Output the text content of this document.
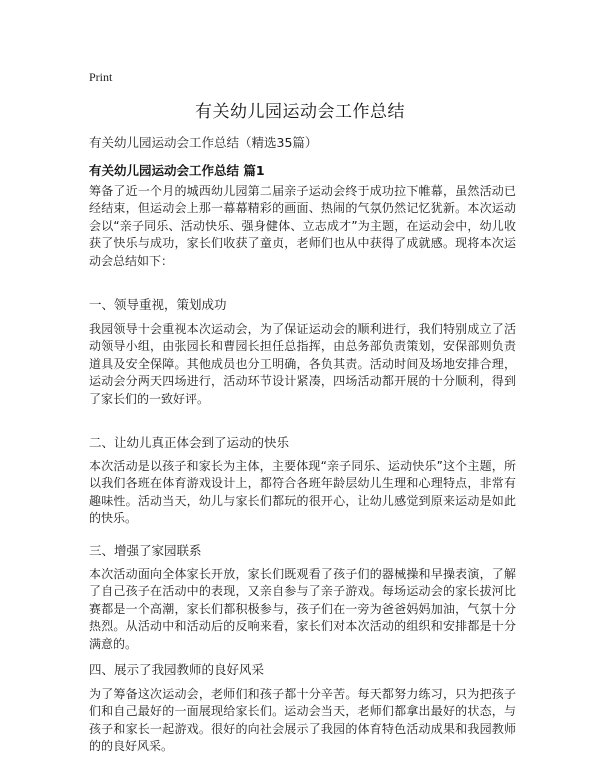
Print
有关幼儿园运动会工作总结
有关幼儿园运动会工作总结（精选35篇）
有关幼儿园运动会工作总结 篇1

筹备了近一个月的城西幼儿园第二届亲子运动会终于成功拉下帷幕，虽然活动已经结束，但运动会上那一幕幕精彩的画面、热闹的气氛仍然记忆犹新。本次运动会以“亲子同乐、活动快乐、强身健体、立志成才”为主题，在运动会中，幼儿收获了快乐与成功，家长们收获了童贞，老师们也从中获得了成就感。现将本次运动会总结如下：

一、领导重视，策划成功

我园领导十会重视本次运动会，为了保证运动会的顺利进行，我们特别成立了活动领导小组，由张园长和曹园长担任总指挥，由总务部负责策划，安保部则负责道具及安全保障。其他成员也分工明确，各负其责。活动时间及场地安排合理，运动会分两天四场进行，活动环节设计紧凑，四场活动都开展的十分顺利，得到了家长们的一致好评。

二、让幼儿真正体会到了运动的快乐

本次活动是以孩子和家长为主体，主要体现“亲子同乐、运动快乐”这个主题，所以我们各班在体育游戏设计上，都符合各班年龄层幼儿生理和心理特点，非常有趣味性。活动当天，幼儿与家长们都玩的很开心，让幼儿感觉到原来运动是如此的快乐。

三、增强了家园联系

本次活动面向全体家长开放，家长们既观看了孩子们的器械操和早操表演，了解了自己孩子在活动中的表现，又亲自参与了亲子游戏。每场运动会的家长拔河比赛都是一个高潮，家长们都积极参与，孩子们在一旁为爸爸妈妈加油，气氛十分热烈。从活动中和活动后的反响来看，家长们对本次活动的组织和安排都是十分满意的。

四、展示了我园教师的良好风采

为了筹备这次运动会，老师们和孩子都十分辛苦。每天都努力练习，只为把孩子们和自己最好的一面展现给家长们。运动会当天，老师们都拿出最好的状态，与孩子和家长一起游戏。很好的向社会展示了我园的体育特色活动成果和我园教师的的良好风采。
